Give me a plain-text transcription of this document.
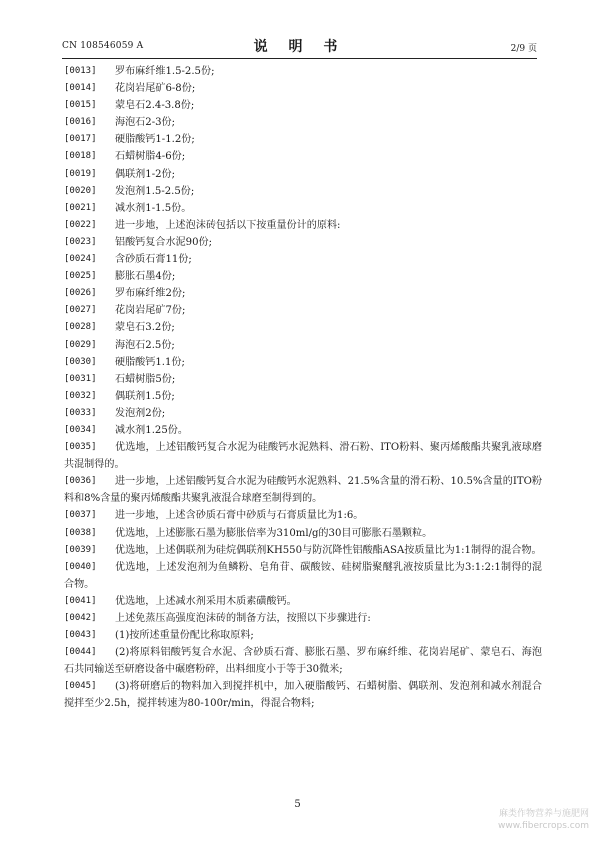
CN 108546059 A	说 明 书	2/9 页
[0013] 罗布麻纤维1.5-2.5份;
[0014] 花岗岩尾矿6-8份;
[0015] 蒙皂石2.4-3.8份;
[0016] 海泡石2-3份;
[0017] 硬脂酸钙1-1.2份;
[0018] 石蜡树脂4-6份;
[0019] 偶联剂1-2份;
[0020] 发泡剂1.5-2.5份;
[0021] 减水剂1-1.5份。
[0022] 进一步地，上述泡沫砖包括以下按重量份计的原料:
[0023] 铝酸钙复合水泥90份;
[0024] 含砂质石膏11份;
[0025] 膨胀石墨4份;
[0026] 罗布麻纤维2份;
[0027] 花岗岩尾矿7份;
[0028] 蒙皂石3.2份;
[0029] 海泡石2.5份;
[0030] 硬脂酸钙1.1份;
[0031] 石蜡树脂5份;
[0032] 偶联剂1.5份;
[0033] 发泡剂2份;
[0034] 减水剂1.25份。
[0035]	优选地，上述铝酸钙复合水泥为硅酸钙水泥熟料、滑石粉、ITO粉料、聚丙烯酸酯共聚乳液球磨共混制得的。
[0036]	进一步地，上述铝酸钙复合水泥为硅酸钙水泥熟料、21.5%含量的滑石粉、10.5%含量的ITO粉料和8%含量的聚丙烯酸酯共聚乳液混合球磨至制得到的。
[0037] 进一步地，上述含砂质石膏中砂质与石膏质量比为1:6。
[0038] 优选地，上述膨胀石墨为膨胀倍率为310ml/g的30目可膨胀石墨颗粒。
[0039]	优选地，上述偶联剂为硅烷偶联剂KH550与防沉降性铝酸酯ASA按质量比为1:1制得的混合物。
[0040]	优选地，上述发泡剂为鱼鳞粉、皂角苷、碳酸铵、硅树脂聚醚乳液按质量比为3:1:2:1制得的混合物。
[0041] 优选地，上述减水剂采用木质素磺酸钙。
[0042] 上述免蒸压高强度泡沫砖的制备方法，按照以下步骤进行:
[0043] (1)按所述重量份配比称取原料;
[0044]	(2)将原料铝酸钙复合水泥、含砂质石膏、膨胀石墨、罗布麻纤维、花岗岩尾矿、蒙皂石、海泡石共同输送至研磨设备中碾磨粉碎，出料细度小于等于30微米;
[0045]	(3)将研磨后的物料加入到搅拌机中，加入硬脂酸钙、石蜡树脂、偶联剂、发泡剂和减水剂混合搅拌至少2.5h，搅拌转速为80-100r/min，得混合物料;
5
麻类作物营养与施肥网
www.fibercrops.com
